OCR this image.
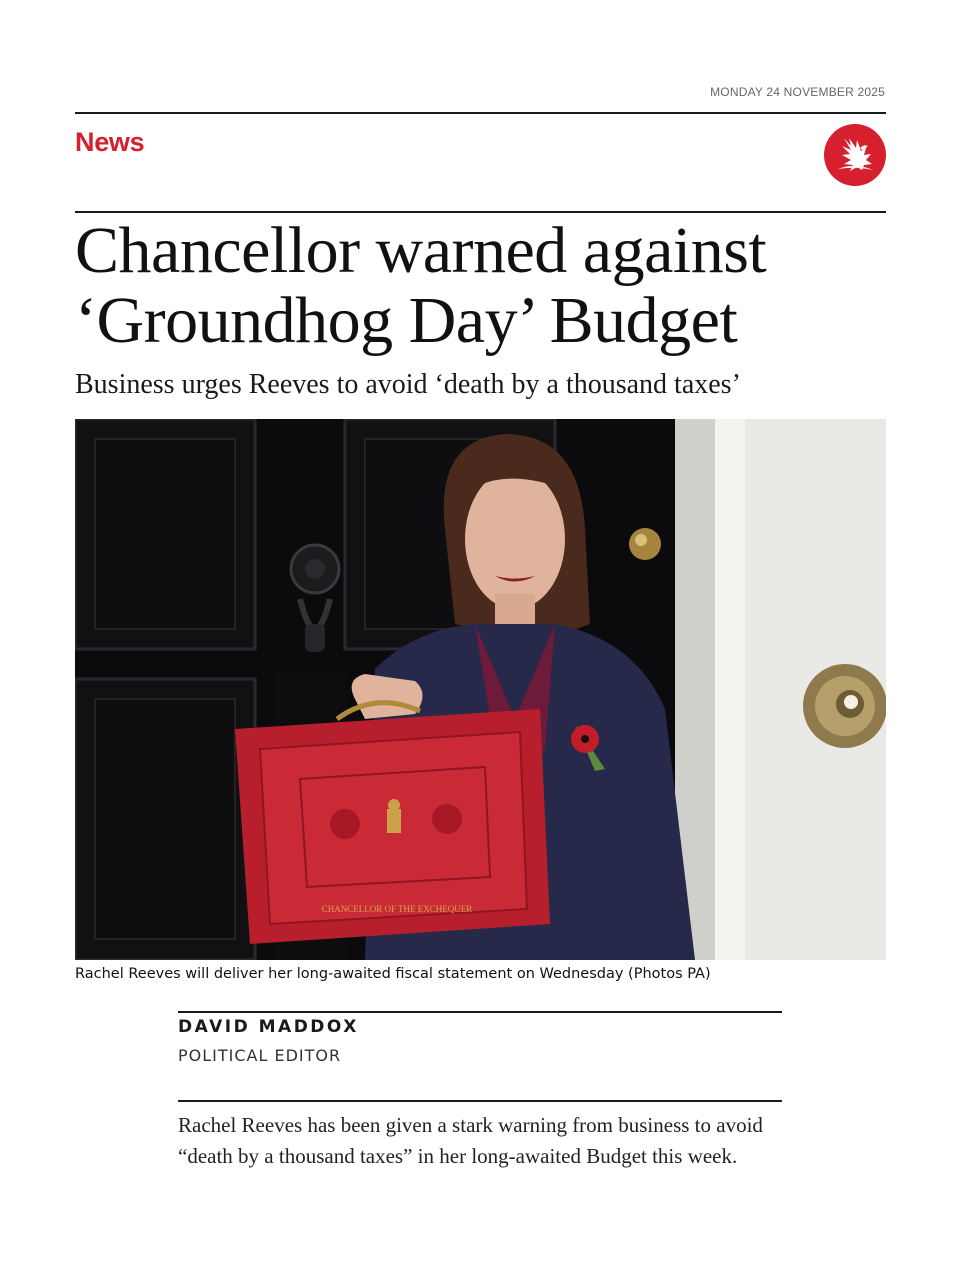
MONDAY 24 NOVEMBER 2025
News
Chancellor warned against ‘Groundhog Day’ Budget

Business urges Reeves to avoid ‘death by a thousand taxes’

CHANCELLOR OF THE EXCHEQUER
Rachel Reeves will deliver her long-awaited fiscal statement on Wednesday (Photos PA)
DAVID MADDOX
POLITICAL EDITOR

Rachel Reeves has been given a stark warning from business to avoid “death by a thousand taxes” in her long-awaited Budget this week.
